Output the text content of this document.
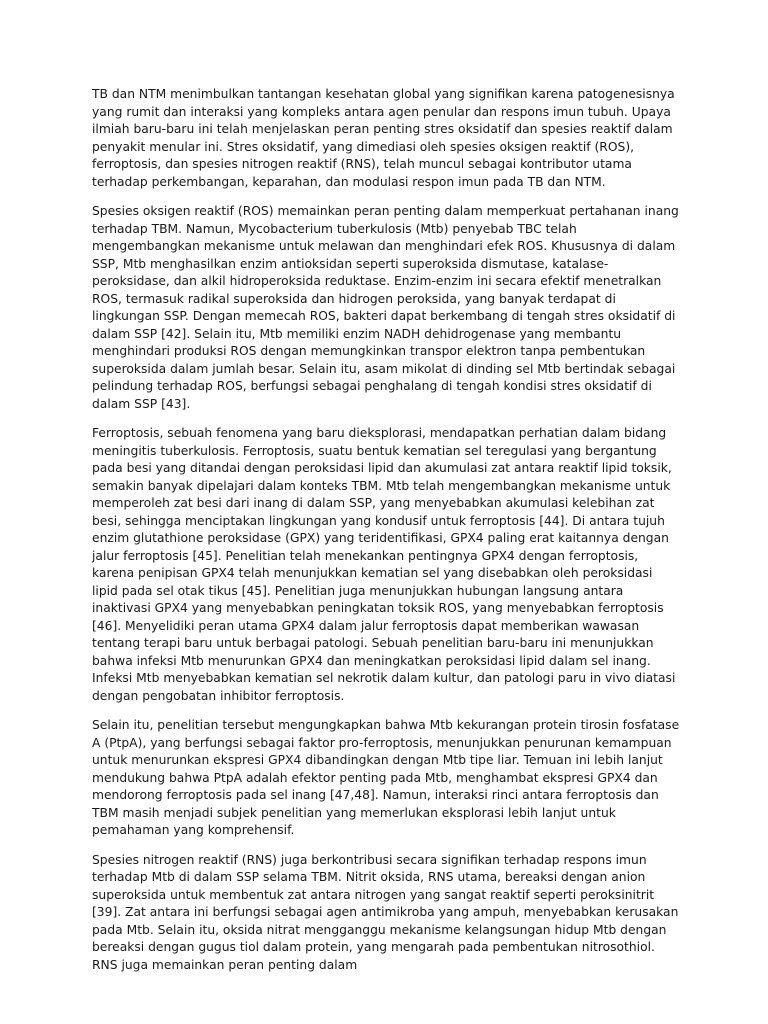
TB dan NTM menimbulkan tantangan kesehatan global yang signifikan karena patogenesisnya yang rumit dan interaksi yang kompleks antara agen penular dan respons imun tubuh. Upaya ilmiah baru-baru ini telah menjelaskan peran penting stres oksidatif dan spesies reaktif dalam penyakit menular ini. Stres oksidatif, yang dimediasi oleh spesies oksigen reaktif (ROS), ferroptosis, dan spesies nitrogen reaktif (RNS), telah muncul sebagai kontributor utama terhadap perkembangan, keparahan, dan modulasi respon imun pada TB dan NTM.

Spesies oksigen reaktif (ROS) memainkan peran penting dalam memperkuat pertahanan inang terhadap TBM. Namun, Mycobacterium tuberkulosis (Mtb) penyebab TBC telah mengembangkan mekanisme untuk melawan dan menghindari efek ROS. Khususnya di dalam SSP, Mtb menghasilkan enzim antioksidan seperti superoksida dismutase, katalase-peroksidase, dan alkil hidroperoksida reduktase. Enzim-enzim ini secara efektif menetralkan ROS, termasuk radikal superoksida dan hidrogen peroksida, yang banyak terdapat di lingkungan SSP. Dengan memecah ROS, bakteri dapat berkembang di tengah stres oksidatif di dalam SSP [42]. Selain itu, Mtb memiliki enzim NADH dehidrogenase yang membantu menghindari produksi ROS dengan memungkinkan transpor elektron tanpa pembentukan superoksida dalam jumlah besar. Selain itu, asam mikolat di dinding sel Mtb bertindak sebagai pelindung terhadap ROS, berfungsi sebagai penghalang di tengah kondisi stres oksidatif di dalam SSP [43].

Ferroptosis, sebuah fenomena yang baru dieksplorasi, mendapatkan perhatian dalam bidang meningitis tuberkulosis. Ferroptosis, suatu bentuk kematian sel teregulasi yang bergantung pada besi yang ditandai dengan peroksidasi lipid dan akumulasi zat antara reaktif lipid toksik, semakin banyak dipelajari dalam konteks TBM. Mtb telah mengembangkan mekanisme untuk memperoleh zat besi dari inang di dalam SSP, yang menyebabkan akumulasi kelebihan zat besi, sehingga menciptakan lingkungan yang kondusif untuk ferroptosis [44]. Di antara tujuh enzim glutathione peroksidase (GPX) yang teridentifikasi, GPX4 paling erat kaitannya dengan jalur ferroptosis [45]. Penelitian telah menekankan pentingnya GPX4 dengan ferroptosis, karena penipisan GPX4 telah menunjukkan kematian sel yang disebabkan oleh peroksidasi lipid pada sel otak tikus [45]. Penelitian juga menunjukkan hubungan langsung antara inaktivasi GPX4 yang menyebabkan peningkatan toksik ROS, yang menyebabkan ferroptosis [46]. Menyelidiki peran utama GPX4 dalam jalur ferroptosis dapat memberikan wawasan tentang terapi baru untuk berbagai patologi. Sebuah penelitian baru-baru ini menunjukkan bahwa infeksi Mtb menurunkan GPX4 dan meningkatkan peroksidasi lipid dalam sel inang. Infeksi Mtb menyebabkan kematian sel nekrotik dalam kultur, dan patologi paru in vivo diatasi dengan pengobatan inhibitor ferroptosis.

Selain itu, penelitian tersebut mengungkapkan bahwa Mtb kekurangan protein tirosin fosfatase A (PtpA), yang berfungsi sebagai faktor pro-ferroptosis, menunjukkan penurunan kemampuan untuk menurunkan ekspresi GPX4 dibandingkan dengan Mtb tipe liar. Temuan ini lebih lanjut mendukung bahwa PtpA adalah efektor penting pada Mtb, menghambat ekspresi GPX4 dan mendorong ferroptosis pada sel inang [47,48]. Namun, interaksi rinci antara ferroptosis dan TBM masih menjadi subjek penelitian yang memerlukan eksplorasi lebih lanjut untuk pemahaman yang komprehensif.

Spesies nitrogen reaktif (RNS) juga berkontribusi secara signifikan terhadap respons imun terhadap Mtb di dalam SSP selama TBM. Nitrit oksida, RNS utama, bereaksi dengan anion superoksida untuk membentuk zat antara nitrogen yang sangat reaktif seperti peroksinitrit [39]. Zat antara ini berfungsi sebagai agen antimikroba yang ampuh, menyebabkan kerusakan pada Mtb. Selain itu, oksida nitrat mengganggu mekanisme kelangsungan hidup Mtb dengan bereaksi dengan gugus tiol dalam protein, yang mengarah pada pembentukan nitrosothiol. RNS juga memainkan peran penting dalam
